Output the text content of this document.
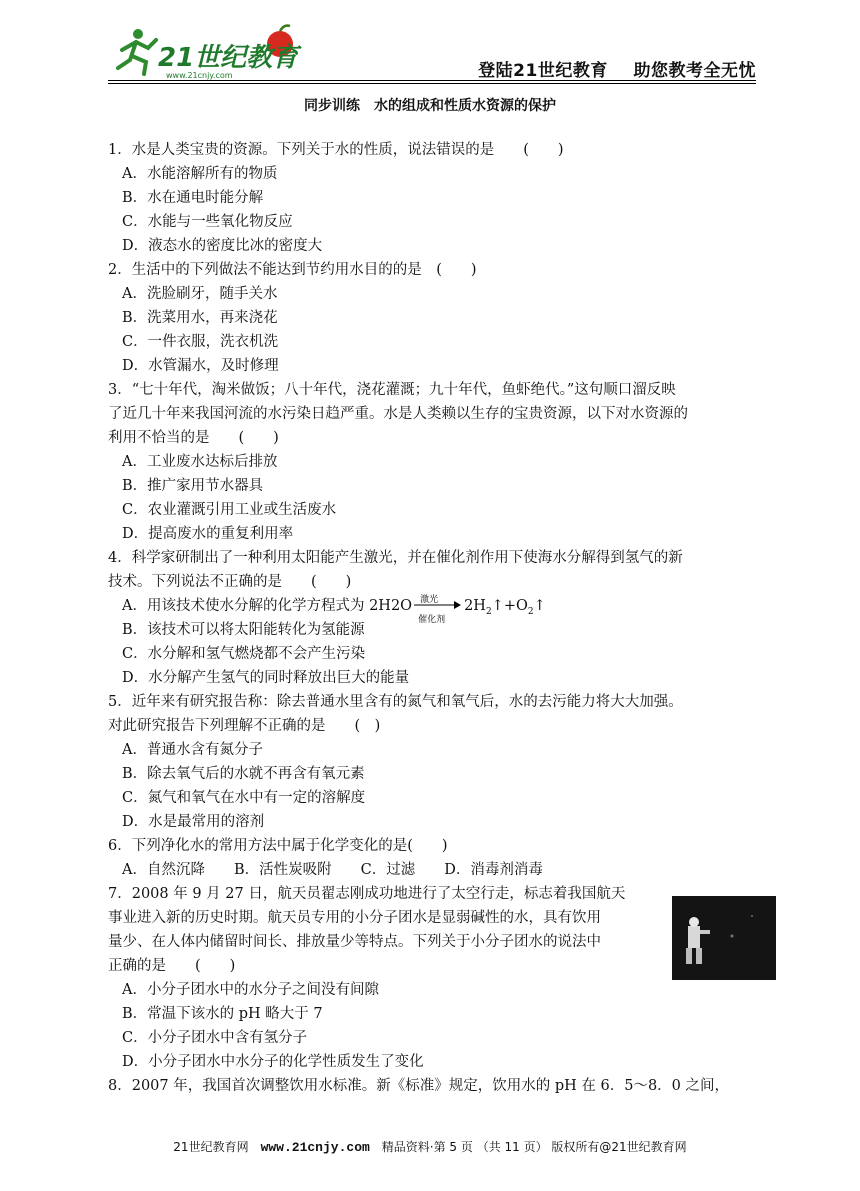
21世纪教育
www.21cnjy.com	登陆21世纪教育    助您教考全无忧
同步训练　水的组成和性质水资源的保护
1．水是人类宝贵的资源。下列关于水的性质，说法错误的是　　(　　)
A．水能溶解所有的物质
B．水在通电时能分解
C．水能与一些氧化物反应
D．液态水的密度比冰的密度大
2．生活中的下列做法不能达到节约用水目的的是　(　　)
A．洗脸刷牙，随手关水
B．洗菜用水，再来浇花
C．一件衣服，洗衣机洗
D．水管漏水，及时修理
3．“七十年代，淘米做饭；八十年代，浇花灌溉；九十年代，鱼虾绝代。”这句顺口溜反映
了近几十年来我国河流的水污染日趋严重。水是人类赖以生存的宝贵资源，以下对水资源的
利用不恰当的是　　(　　)
A．工业废水达标后排放
B．推广家用节水器具
C．农业灌溉引用工业或生活废水
D．提高废水的重复利用率
4．科学家研制出了一种利用太阳能产生激光，并在催化剂作用下使海水分解得到氢气的新
技术。下列说法不正确的是　　(　　)
A．用该技术使水分解的化学方程式为 2H2O 激光
催化剂
$2H_2↑+O_2↑$
B．该技术可以将太阳能转化为氢能源
C．水分解和氢气燃烧都不会产生污染
D．水分解产生氢气的同时释放出巨大的能量
5．近年来有研究报告称：除去普通水里含有的氮气和氧气后，水的去污能力将大大加强。
对此研究报告下列理解不正确的是　　(　)
A．普通水含有氮分子
B．除去氧气后的水就不再含有氧元素
C．氮气和氧气在水中有一定的溶解度
D．水是最常用的溶剂
6．下列净化水的常用方法中属于化学变化的是(　　)
A．自然沉降　　B．活性炭吸附　　C．过滤　　D．消毒剂消毒
7．2008 年 9 月 27 日，航天员翟志刚成功地进行了太空行走，标志着我国航天
事业进入新的历史时期。航天员专用的小分子团水是显弱碱性的水，具有饮用
量少、在人体内储留时间长、排放量少等特点。下列关于小分子团水的说法中
正确的是　　(　　)
A．小分子团水中的水分子之间没有间隙
B．常温下该水的 pH 略大于 7
C．小分子团水中含有氢分子
D．小分子团水中水分子的化学性质发生了变化
8．2007 年，我国首次调整饮用水标准。新《标准》规定，饮用水的 pH 在 6．5～8．0 之间，
21世纪教育网　www.21cnjy.com　精品资料·第 5 页 （共 11 页） 版权所有@21世纪教育网
